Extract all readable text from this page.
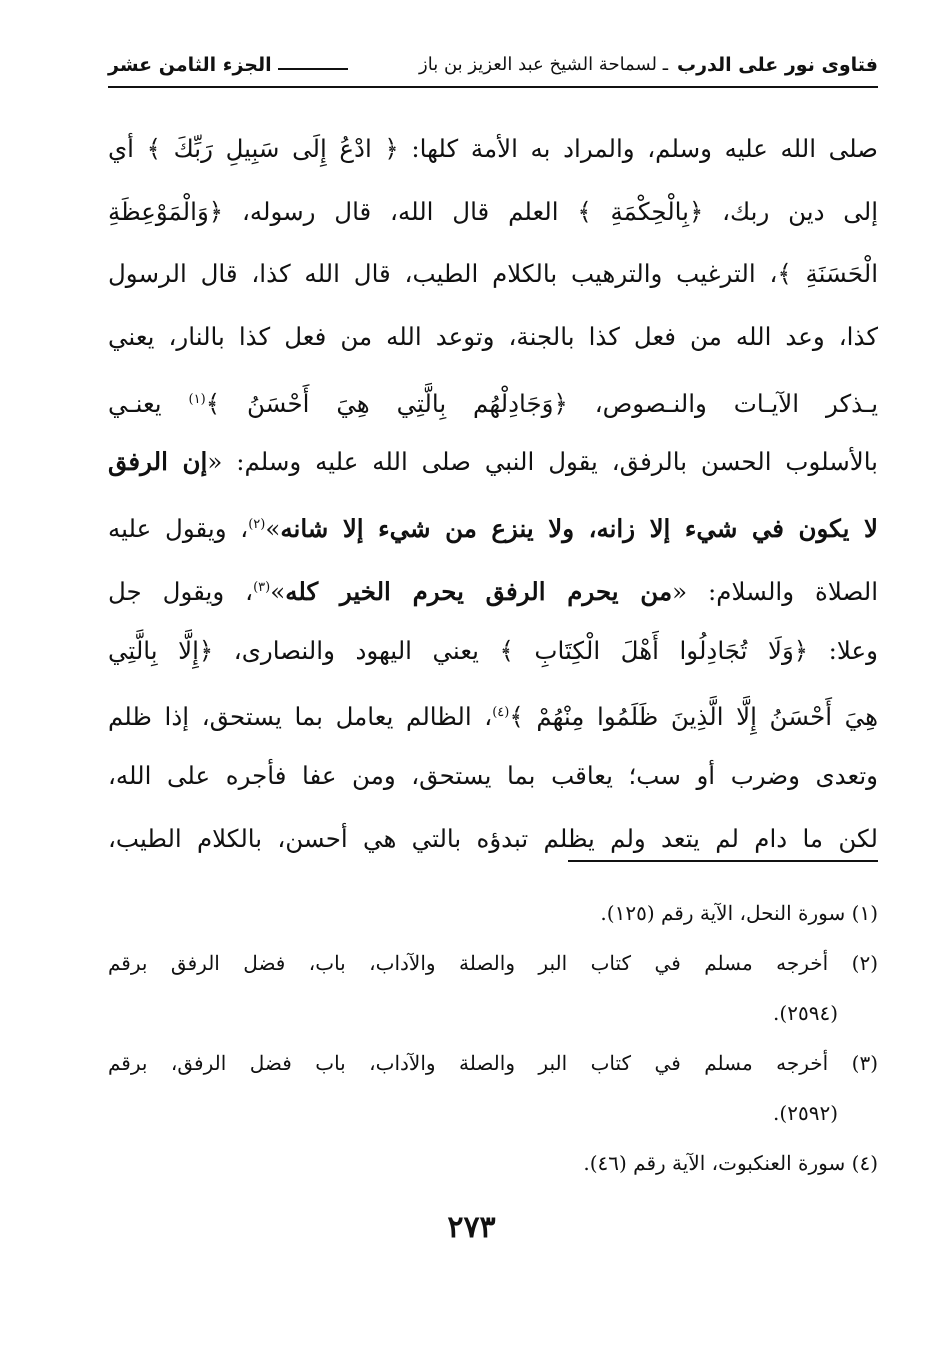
فتاوى نور على الدرب
ـ لسماحة الشيخ عبد العزيز بن باز
الجزء الثامن عشر
صلى الله عليه وسلم، والمراد به الأمة كلها: ﴿ ادْعُ إِلَى سَبِيلِ رَبِّكَ ﴾ أي
إلى دين ربك، ﴿بِالْحِكْمَةِ ﴾ العلم قال الله، قال رسوله، ﴿وَالْمَوْعِظَةِ
الْحَسَنَةِ ﴾، الترغيب والترهيب بالكلام الطيب، قال الله كذا، قال الرسول
كذا، وعد الله من فعل كذا بالجنة، وتوعد الله من فعل كذا بالنار، يعني
يـذكر الآيـات والنـصوص، ﴿وَجَادِلْهُم بِالَّتِي هِيَ أَحْسَنُ ﴾$^{(١)}$ يعنـي
بالأسلوب الحسن بالرفق، يقول النبي صلى الله عليه وسلم: «إن الرفق
لا يكون في شيء إلا زانه، ولا ينزع من شيء إلا شانه»$^{(٢)}$، ويقول عليه
الصلاة والسلام: «من يحرم الرفق يحرم الخير كله»$^{(٣)}$، ويقول جل
وعلا: ﴿وَلَا تُجَادِلُوا أَهْلَ الْكِتَابِ ﴾ يعني اليهود والنصارى، ﴿إِلَّا بِالَّتِي
هِيَ أَحْسَنُ إِلَّا الَّذِينَ ظَلَمُوا مِنْهُمْ ﴾$^{(٤)}$، الظالم يعامل بما يستحق، إذا ظلم
وتعدى وضرب أو سب؛ يعاقب بما يستحق، ومن عفا فأجره على الله،
لكن ما دام لم يتعد ولم يظلم تبدؤه بالتي هي أحسن، بالكلام الطيب،
(١) سورة النحل، الآية رقم (١٢٥).
(٢) أخرجه مسلم في كتاب البر والصلة والآداب، باب، فضل الرفق برقم
(٢٥٩٤).
(٣) أخرجه مسلم في كتاب البر والصلة والآداب، باب فضل الرفق، برقم
(٢٥٩٢).
(٤) سورة العنكبوت، الآية رقم (٤٦).
٢٧٣
